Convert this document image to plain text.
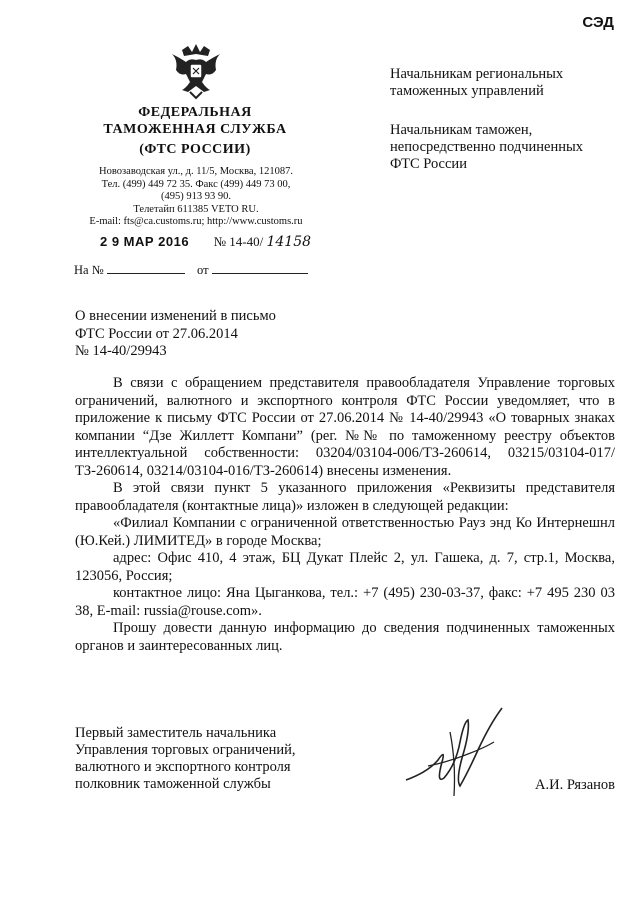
СЭД
ФЕДЕРАЛЬНАЯ
ТАМОЖЕННАЯ СЛУЖБА
(ФТС РОССИИ)
Новозаводская ул., д. 11/5, Москва, 121087.
Тел. (499) 449 72 35. Факс (499) 449 73 00,
(495) 913 93 90.
Телетайп 611385 VETO RU.
E-mail: fts@ca.customs.ru; http://www.customs.ru
2 9 МАР 2016 № 14-40/ 14158
На №	от
Начальникам региональных
таможенных управлений
Начальникам таможен,
непосредственно подчиненных
ФТС России
О внесении изменений в письмо
ФТС России от 27.06.2014
№ 14-40/29943

В связи с обращением представителя правообладателя Управление торговых ограничений, валютного и экспортного контроля ФТС России уведомляет, что в приложение к письму ФТС России от 27.06.2014 № 14-40/29943 «О товарных знаках компании “Дзе Жиллетт Компани” (рег. №№ по таможенному реестру объектов интеллектуальной собственности: 03204/03104-006/ТЗ-260614, 03215/03104-017/ТЗ-260614, 03214/03104-016/ТЗ-260614) внесены изменения.

В этой связи пункт 5 указанного приложения «Реквизиты представителя правообладателя (контактные лица)» изложен в следующей редакции:

«Филиал Компании с ограниченной ответственностью Рауз энд Ко Интернешнл (Ю.Кей.) ЛИМИТЕД» в городе Москва;

адрес: Офис 410, 4 этаж, БЦ Дукат Плейс 2, ул. Гашека, д. 7, стр.1, Москва, 123056, Россия;

контактное лицо: Яна Цыганкова, тел.: +7 (495) 230-03-37, факс: +7 495 230 03 38, E-mail: russia@rouse.com».

Прошу довести данную информацию до сведения подчиненных таможенных органов и заинтересованных лиц.

Первый заместитель начальника
Управления торговых ограничений,
валютного и экспортного контроля
полковник таможенной службы	А.И. Рязанов
